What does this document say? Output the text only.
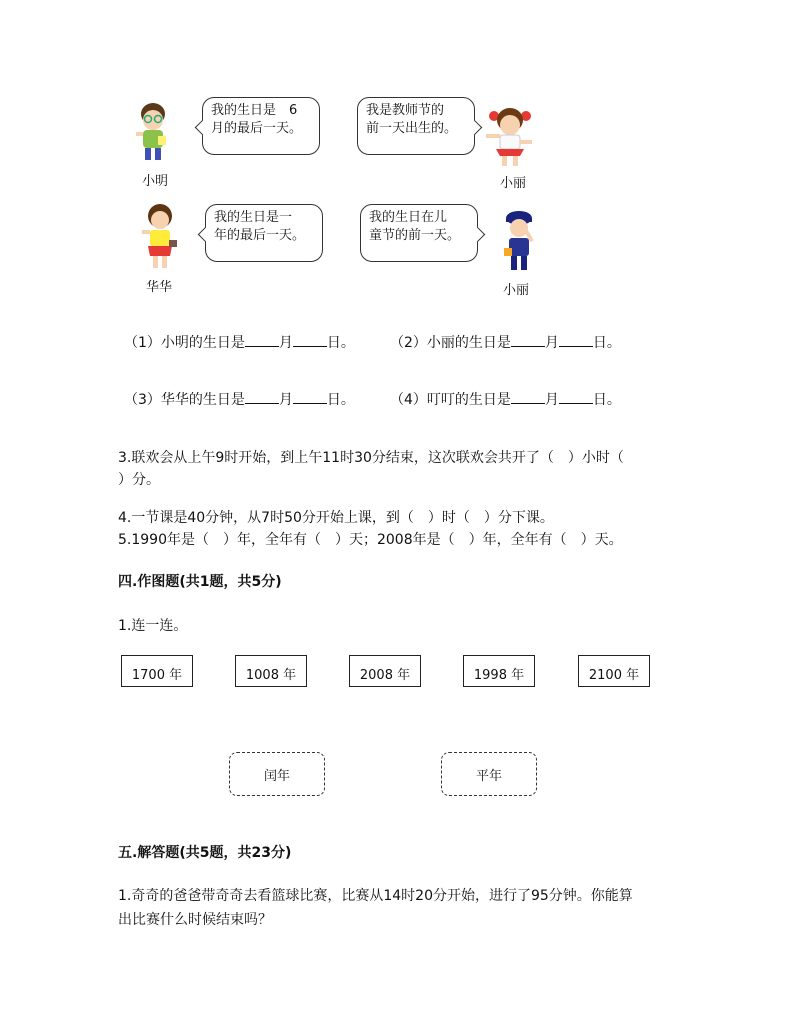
小明
我的生日是　6
月的最后一天。
我是教师节的
前一天出生的。
小丽
华华
我的生日是一
年的最后一天。
我的生日在儿
童节的前一天。
小丽
（1）小明的生日是 月 日。	（2）小丽的生日是 月 日。
（3）华华的生日是 月 日。	（4）叮叮的生日是 月 日。
3.联欢会从上午9时开始，到上午11时30分结束，这次联欢会共开了（　）小时（
）分。
4.一节课是40分钟，从7时50分开始上课，到（　）时（　）分下课。
5.1990年是（　）年，全年有（　）天；2008年是（　）年，全年有（　）天。
四.作图题(共1题，共5分)
1.连一连。
1700 年	1008 年	2008 年	1998 年	2100 年
闰年	平年
五.解答题(共5题，共23分)
1.奇奇的爸爸带奇奇去看篮球比赛，比赛从14时20分开始，进行了95分钟。你能算
出比赛什么时候结束吗？
